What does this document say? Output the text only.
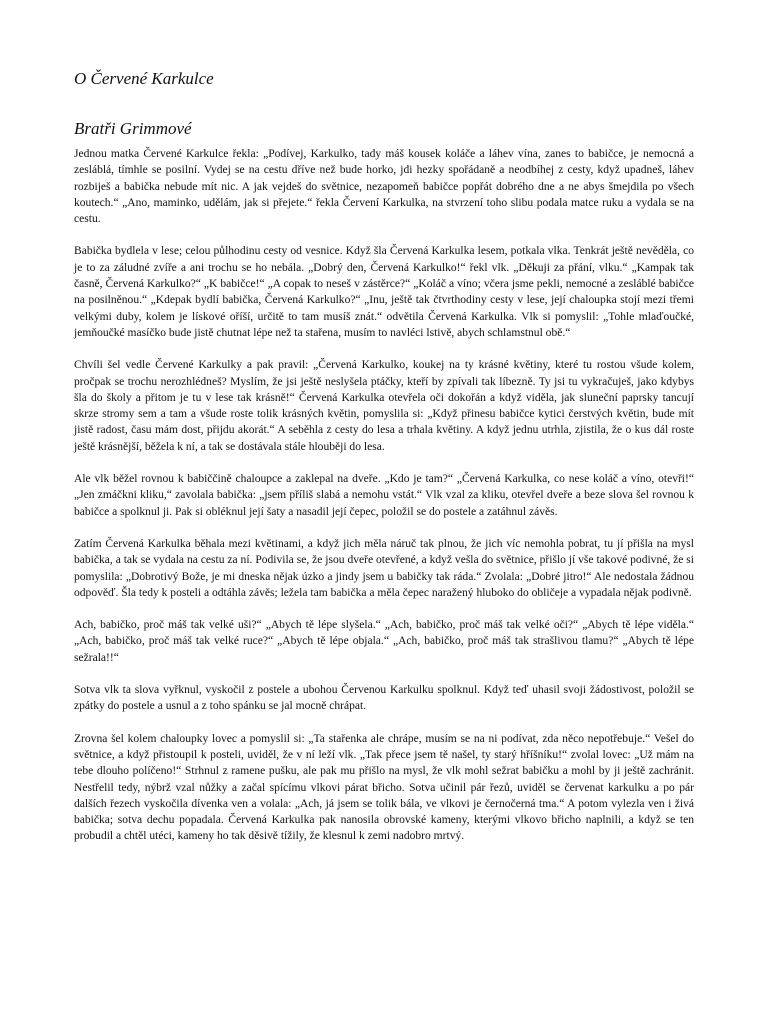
O Červené Karkulce
Bratři Grimmové

Jednou matka Červené Karkulce řekla: „Podívej, Karkulko, tady máš kousek koláče a láhev vína, zanes to babičce, je nemocná a zesláblá, tímhle se posilní. Vydej se na cestu dříve než bude horko, jdi hezky spořádaně a neodbíhej z cesty, když upadneš, láhev rozbiješ a babička nebude mít nic. A jak vejdeš do světnice, nezapomeň babičce popřát dobrého dne a ne abys šmejdila po všech koutech.“ „Ano, maminko, udělám, jak si přejete.“ řekla Červení Karkulka, na stvrzení toho slibu podala matce ruku a vydala se na cestu.

Babička bydlela v lese; celou půlhodinu cesty od vesnice. Když šla Červená Karkulka lesem, potkala vlka. Tenkrát ještě nevěděla, co je to za záludné zvíře a ani trochu se ho nebála. „Dobrý den, Červená Karkulko!“ řekl vlk. „Děkuji za přání, vlku.“ „Kampak tak časně, Červená Karkulko?“ „K babičce!“ „A copak to neseš v zástěrce?“ „Koláč a víno; včera jsme pekli, nemocné a zesláblé babičce na posilněnou.“ „Kdepak bydlí babička, Červená Karkulko?“ „Inu, ještě tak čtvrthodiny cesty v lese, její chaloupka stojí mezi třemi velkými duby, kolem je lískové oříší, určitě to tam musíš znát.“ odvětila Červená Karkulka. Vlk si pomyslil: „Tohle mlaďoučké, jemňoučké masíčko bude jistě chutnat lépe než ta stařena, musím to navléci lstivě, abych schlamstnul obě.“

Chvíli šel vedle Červené Karkulky a pak pravil: „Červená Karkulko, koukej na ty krásné květiny, které tu rostou všude kolem, pročpak se trochu nerozhlédneš? Myslím, že jsi ještě neslyšela ptáčky, kteří by zpívali tak líbezně. Ty jsi tu vykračuješ, jako kdybys šla do školy a přitom je tu v lese tak krásně!“ Červená Karkulka otevřela oči dokořán a když viděla, jak sluneční paprsky tancují skrze stromy sem a tam a všude roste tolik krásných květin, pomyslila si: „Když přinesu babičce kytici čerstvých květin, bude mít jistě radost, času mám dost, přijdu akorát.“ A seběhla z cesty do lesa a trhala květiny. A když jednu utrhla, zjistila, že o kus dál roste ještě krásnější, běžela k ní, a tak se dostávala stále hlouběji do lesa.

Ale vlk běžel rovnou k babiččině chaloupce a zaklepal na dveře. „Kdo je tam?“ „Červená Karkulka, co nese koláč a víno, otevři!“ „Jen zmáčkni kliku,“ zavolala babička: „jsem příliš slabá a nemohu vstát.“ Vlk vzal za kliku, otevřel dveře a beze slova šel rovnou k babičce a spolknul ji. Pak si obléknul její šaty a nasadil její čepec, položil se do postele a zatáhnul závěs.

Zatím Červená Karkulka běhala mezi květinami, a když jich měla náruč tak plnou, že jich víc nemohla pobrat, tu jí přišla na mysl babička, a tak se vydala na cestu za ní. Podivila se, že jsou dveře otevřené, a když vešla do světnice, přišlo jí vše takové podivné, že si pomyslila: „Dobrotivý Bože, je mi dneska nějak úzko a jindy jsem u babičky tak ráda.“ Zvolala: „Dobré jitro!“ Ale nedostala žádnou odpověď. Šla tedy k posteli a odtáhla závěs; ležela tam babička a měla čepec naražený hluboko do obličeje a vypadala nějak podivně.

Ach, babičko, proč máš tak velké uši?“ „Abych tě lépe slyšela.“ „Ach, babičko, proč máš tak velké oči?“ „Abych tě lépe viděla.“ „Ach, babičko, proč máš tak velké ruce?“ „Abych tě lépe objala.“ „Ach, babičko, proč máš tak strašlivou tlamu?“ „Abych tě lépe sežrala!!“

Sotva vlk ta slova vyřknul, vyskočil z postele a ubohou Červenou Karkulku spolknul. Když teď uhasil svoji žádostivost, položil se zpátky do postele a usnul a z toho spánku se jal mocně chrápat.

Zrovna šel kolem chaloupky lovec a pomyslil si: „Ta stařenka ale chrápe, musím se na ni podívat, zda něco nepotřebuje.“ Vešel do světnice, a když přistoupil k posteli, uviděl, že v ní leží vlk. „Tak přece jsem tě našel, ty starý hříšníku!“ zvolal lovec: „Už mám na tebe dlouho políčeno!“ Strhnul z ramene pušku, ale pak mu přišlo na mysl, že vlk mohl sežrat babičku a mohl by ji ještě zachránit. Nestřelil tedy, nýbrž vzal nůžky a začal spícímu vlkovi párat břicho. Sotva učinil pár řezů, uviděl se červenat karkulku a po pár dalších řezech vyskočila dívenka ven a volala: „Ach, já jsem se tolik bála, ve vlkovi je černočerná tma.“ A potom vylezla ven i živá babička; sotva dechu popadala. Červená Karkulka pak nanosila obrovské kameny, kterými vlkovo břicho naplnili, a když se ten probudil a chtěl utéci, kameny ho tak děsivě tížily, že klesnul k zemi nadobro mrtvý.
